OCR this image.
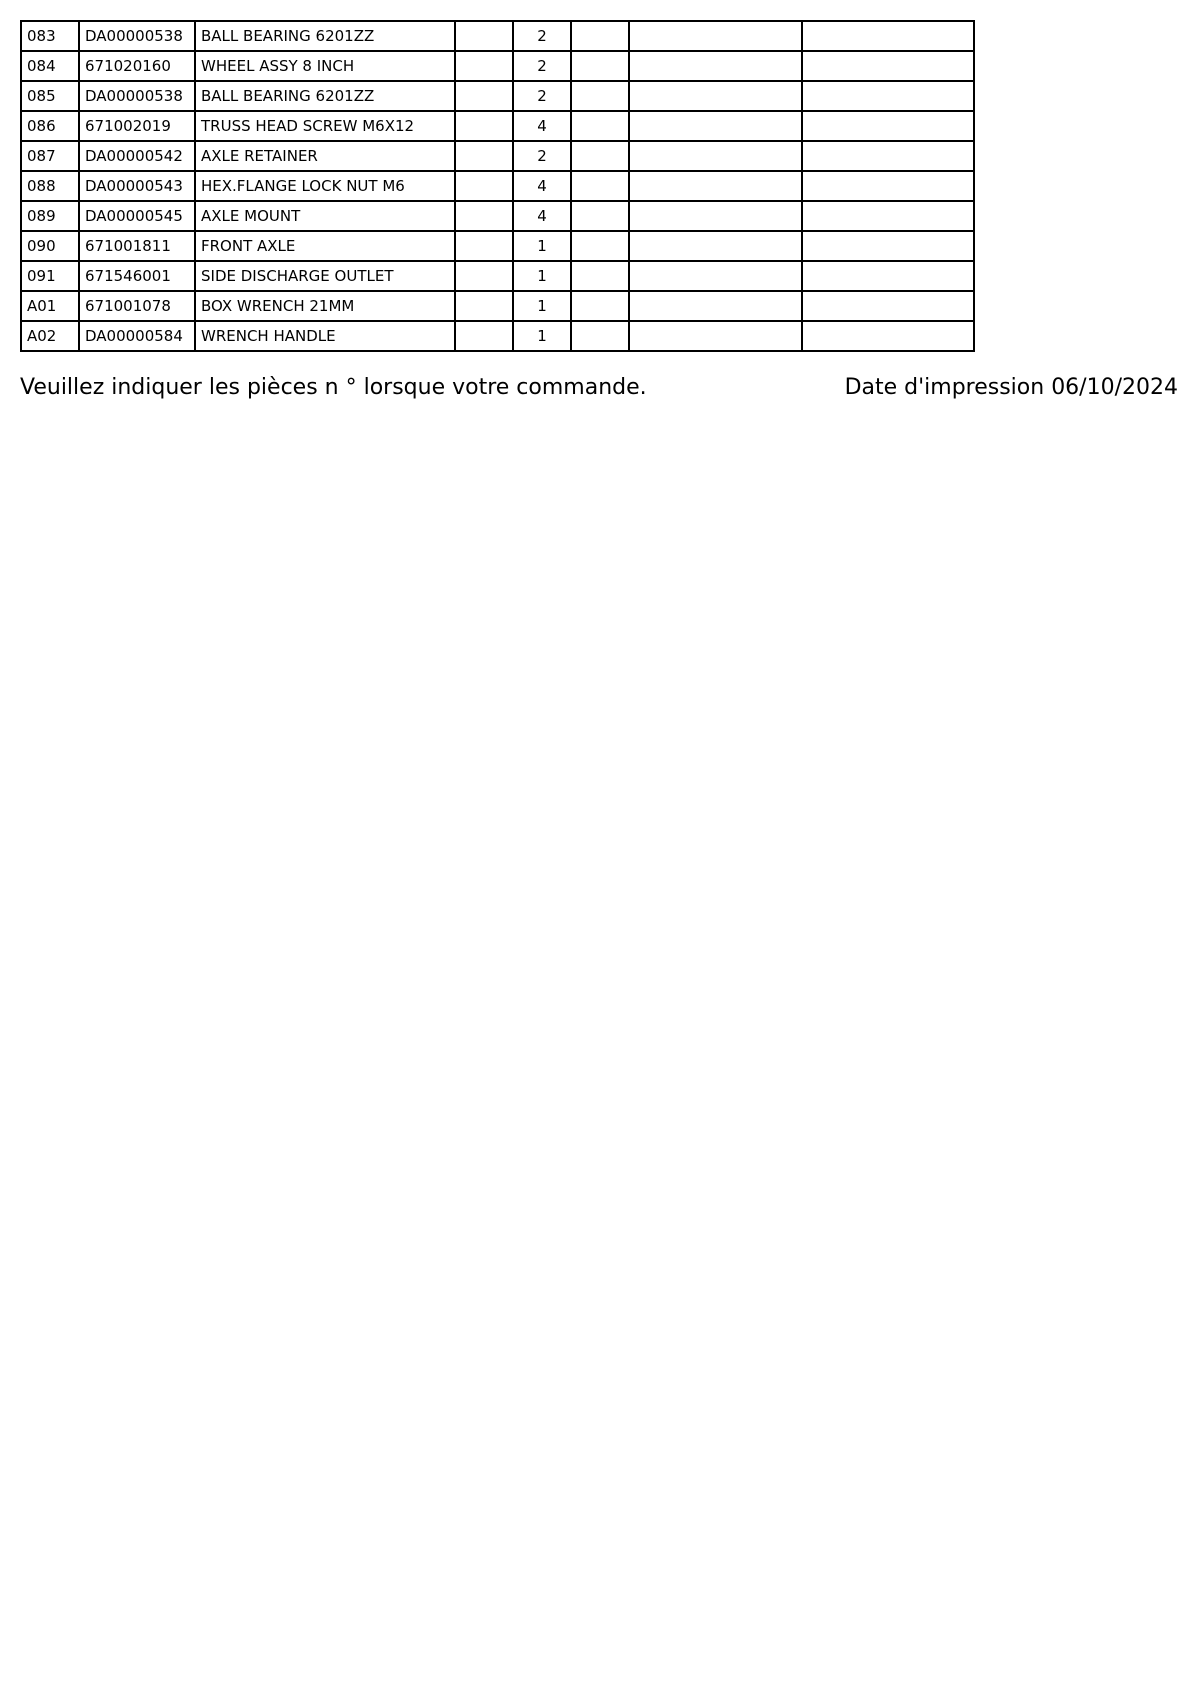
083	DA00000538	BALL BEARING 6201ZZ		2			
084	671020160	WHEEL ASSY 8 INCH		2			
085	DA00000538	BALL BEARING 6201ZZ		2			
086	671002019	TRUSS HEAD SCREW M6X12		4			
087	DA00000542	AXLE RETAINER		2			
088	DA00000543	HEX.FLANGE LOCK NUT M6		4			
089	DA00000545	AXLE MOUNT		4			
090	671001811	FRONT AXLE		1			
091	671546001	SIDE DISCHARGE OUTLET		1			
A01	671001078	BOX WRENCH 21MM		1			
A02	DA00000584	WRENCH HANDLE		1			
Veuillez indiquer les pièces n ° lorsque votre commande.	Date d'impression 06/10/2024
